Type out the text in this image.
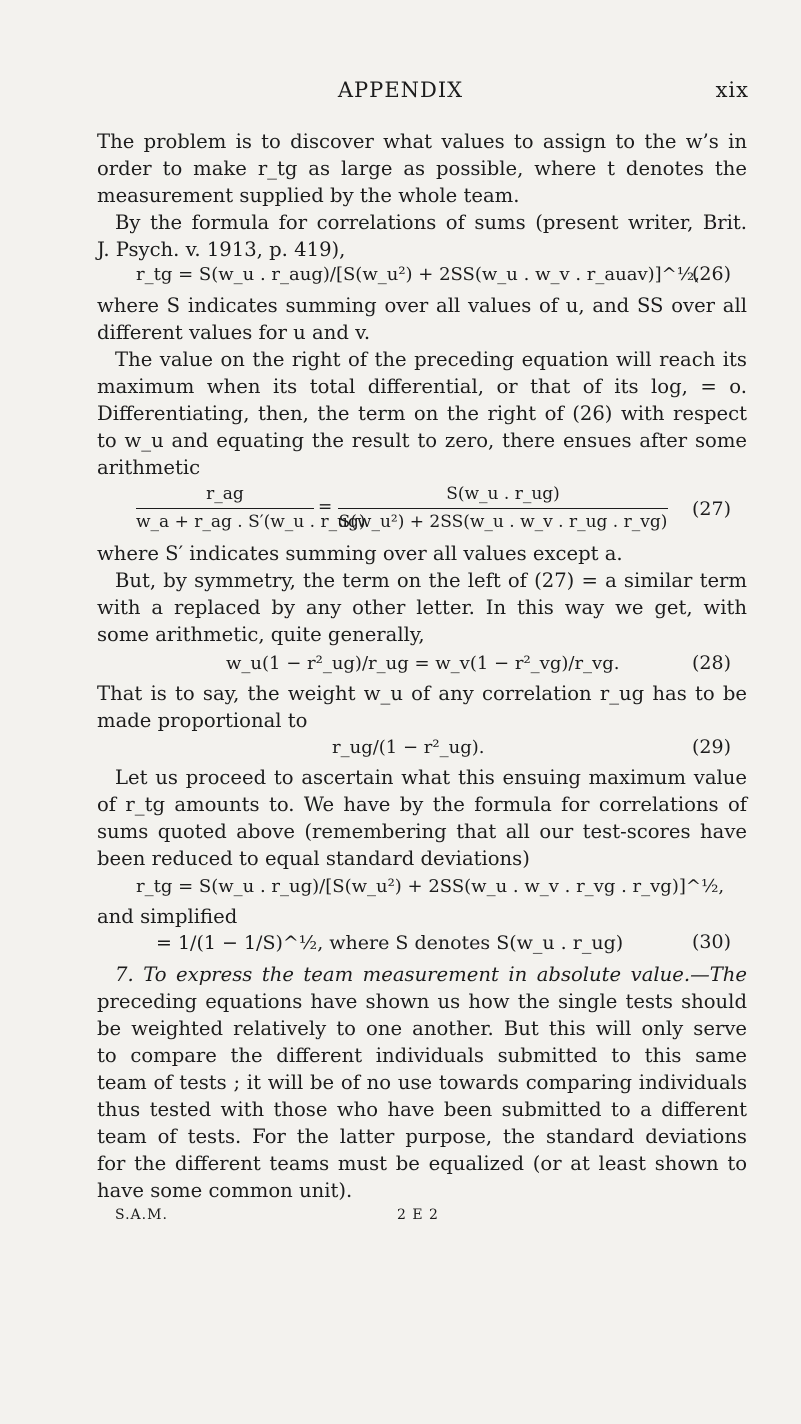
APPENDIX	xix
The problem is to discover what values to assign to the w’s in
order to make r_tg as large as possible, where t denotes the
measurement supplied by the whole team.
By the formula for correlations of sums (present writer, Brit.
J. Psych. v. 1913, p. 419),
r_tg = S(w_u . r_aug)/[S(w_u²) + 2SS(w_u . w_v . r_auav)]^½,
(26)
where S indicates summing over all values of u, and SS over all
different values for u and v.
The value on the right of the preceding equation will reach its
maximum when its total differential, or that of its log, = o.
Differentiating, then, the term on the right of (26) with respect
to w_u and equating the result to zero, there ensues after some
arithmetic
r_ag
w_a + r_ag . S′(w_u . r_ug)
=
S(w_u . r_ug)
S(w_u²) + 2SS(w_u . w_v . r_ug . r_vg)
(27)
where S′ indicates summing over all values except a.
But, by symmetry, the term on the left of (27) = a similar term
with a replaced by any other letter. In this way we get, with
some arithmetic, quite generally,
w_u(1 − r²_ug)/r_ug = w_v(1 − r²_vg)/r_vg.	(28)
That is to say, the weight w_u of any correlation r_ug has to be
made proportional to
r_ug/(1 − r²_ug).	(29)
Let us proceed to ascertain what this ensuing maximum value
of r_tg amounts to. We have by the formula for correlations of
sums quoted above (remembering that all our test-scores have
been reduced to equal standard deviations)
r_tg = S(w_u . r_ug)/[S(w_u²) + 2SS(w_u . w_v . r_vg . r_vg)]^½,
and simplified
= 1/(1 − 1/S)^½, where S denotes S(w_u . r_ug)	(30)
7. To express the team measurement in absolute value.—The
preceding equations have shown us how the single tests should
be weighted relatively to one another. But this will only serve
to compare the different individuals submitted to this same
team of tests ; it will be of no use towards comparing individuals
thus tested with those who have been submitted to a different
team of tests. For the latter purpose, the standard deviations
for the different teams must be equalized (or at least shown to
have some common unit).
S.A.M.	2 E 2
